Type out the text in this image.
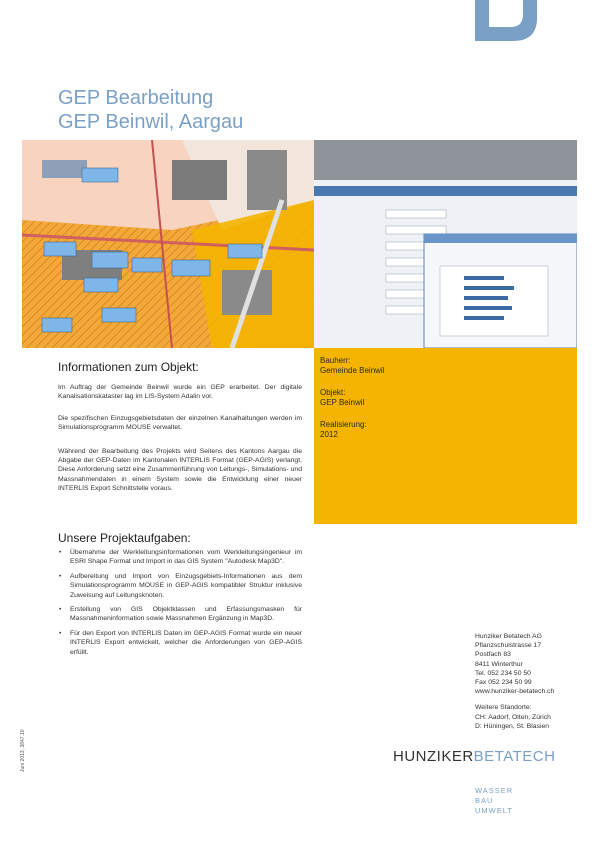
GEP Bearbeitung
GEP Beinwil, Aargau
Bauherr:
Gemeinde Beinwil
Objekt:
GEP Beinwil
Realisierung:
2012
Informationen zum Objekt:
Im Auftrag der Gemeinde Beinwil wurde ein GEP erarbeitet. Der digitale Kanalisationskataster lag im LIS-System Adalin vor.
Die spezifischen Einzugsgebietsdaten der einzelnen Kanalhaltungen werden im Simulationsprogramm MOUSE verwaltet.
Während der Bearbeitung des Projekts wird Seitens des Kantons Aargau die Abgabe der GEP-Daten im Kantonalen INTERLIS Format (GEP-AGIS) verlangt. Diese Anforderung setzt eine Zusammenführung von Leitungs-, Simulations- und Massnahmendaten in einem System sowie die Entwicklung einer neuer INTERLIS Export Schnittstelle voraus.
Unsere Projektaufgaben:
• Übernahme der Werkleitungsinformationen vom Werkleitungsingenieur im ESRI Shape Format und Import in das GIS System "Autodesk Map3D".
• Aufbereitung und Import von Einzugsgebiets-Informationen aus dem Simulationsprogramm MOUSE in GEP-AGIS kompatibler Struktur inklusive Zuweisung auf Leitungsknoten.
• Erstellung von GIS Objektklassen und Erfassungsmasken für Massnahmeninformation sowie Massnahmen Ergänzung in Map3D.
• Für den Export von INTERLIS Daten im GEP-AGIS Format wurde ein neuer INTERLIS Export entwickelt, welcher die Anforderungen von GEP-AGIS erfüllt.
Hunziker Betatech AG
Pflanzschulstrasse 17
Postfach 83
8411 Winterthur
Tel. 052 234 50 50
Fax 052 234 50 99
www.hunziker-betatech.ch
Weitere Standorte:
CH: Aadorf, Olten, Zürich
D: Hüningen, St. Blasien
HUNZIKERBETATECH
WASSER
BAU
UMWELT
Juni 2013, 3847.10
